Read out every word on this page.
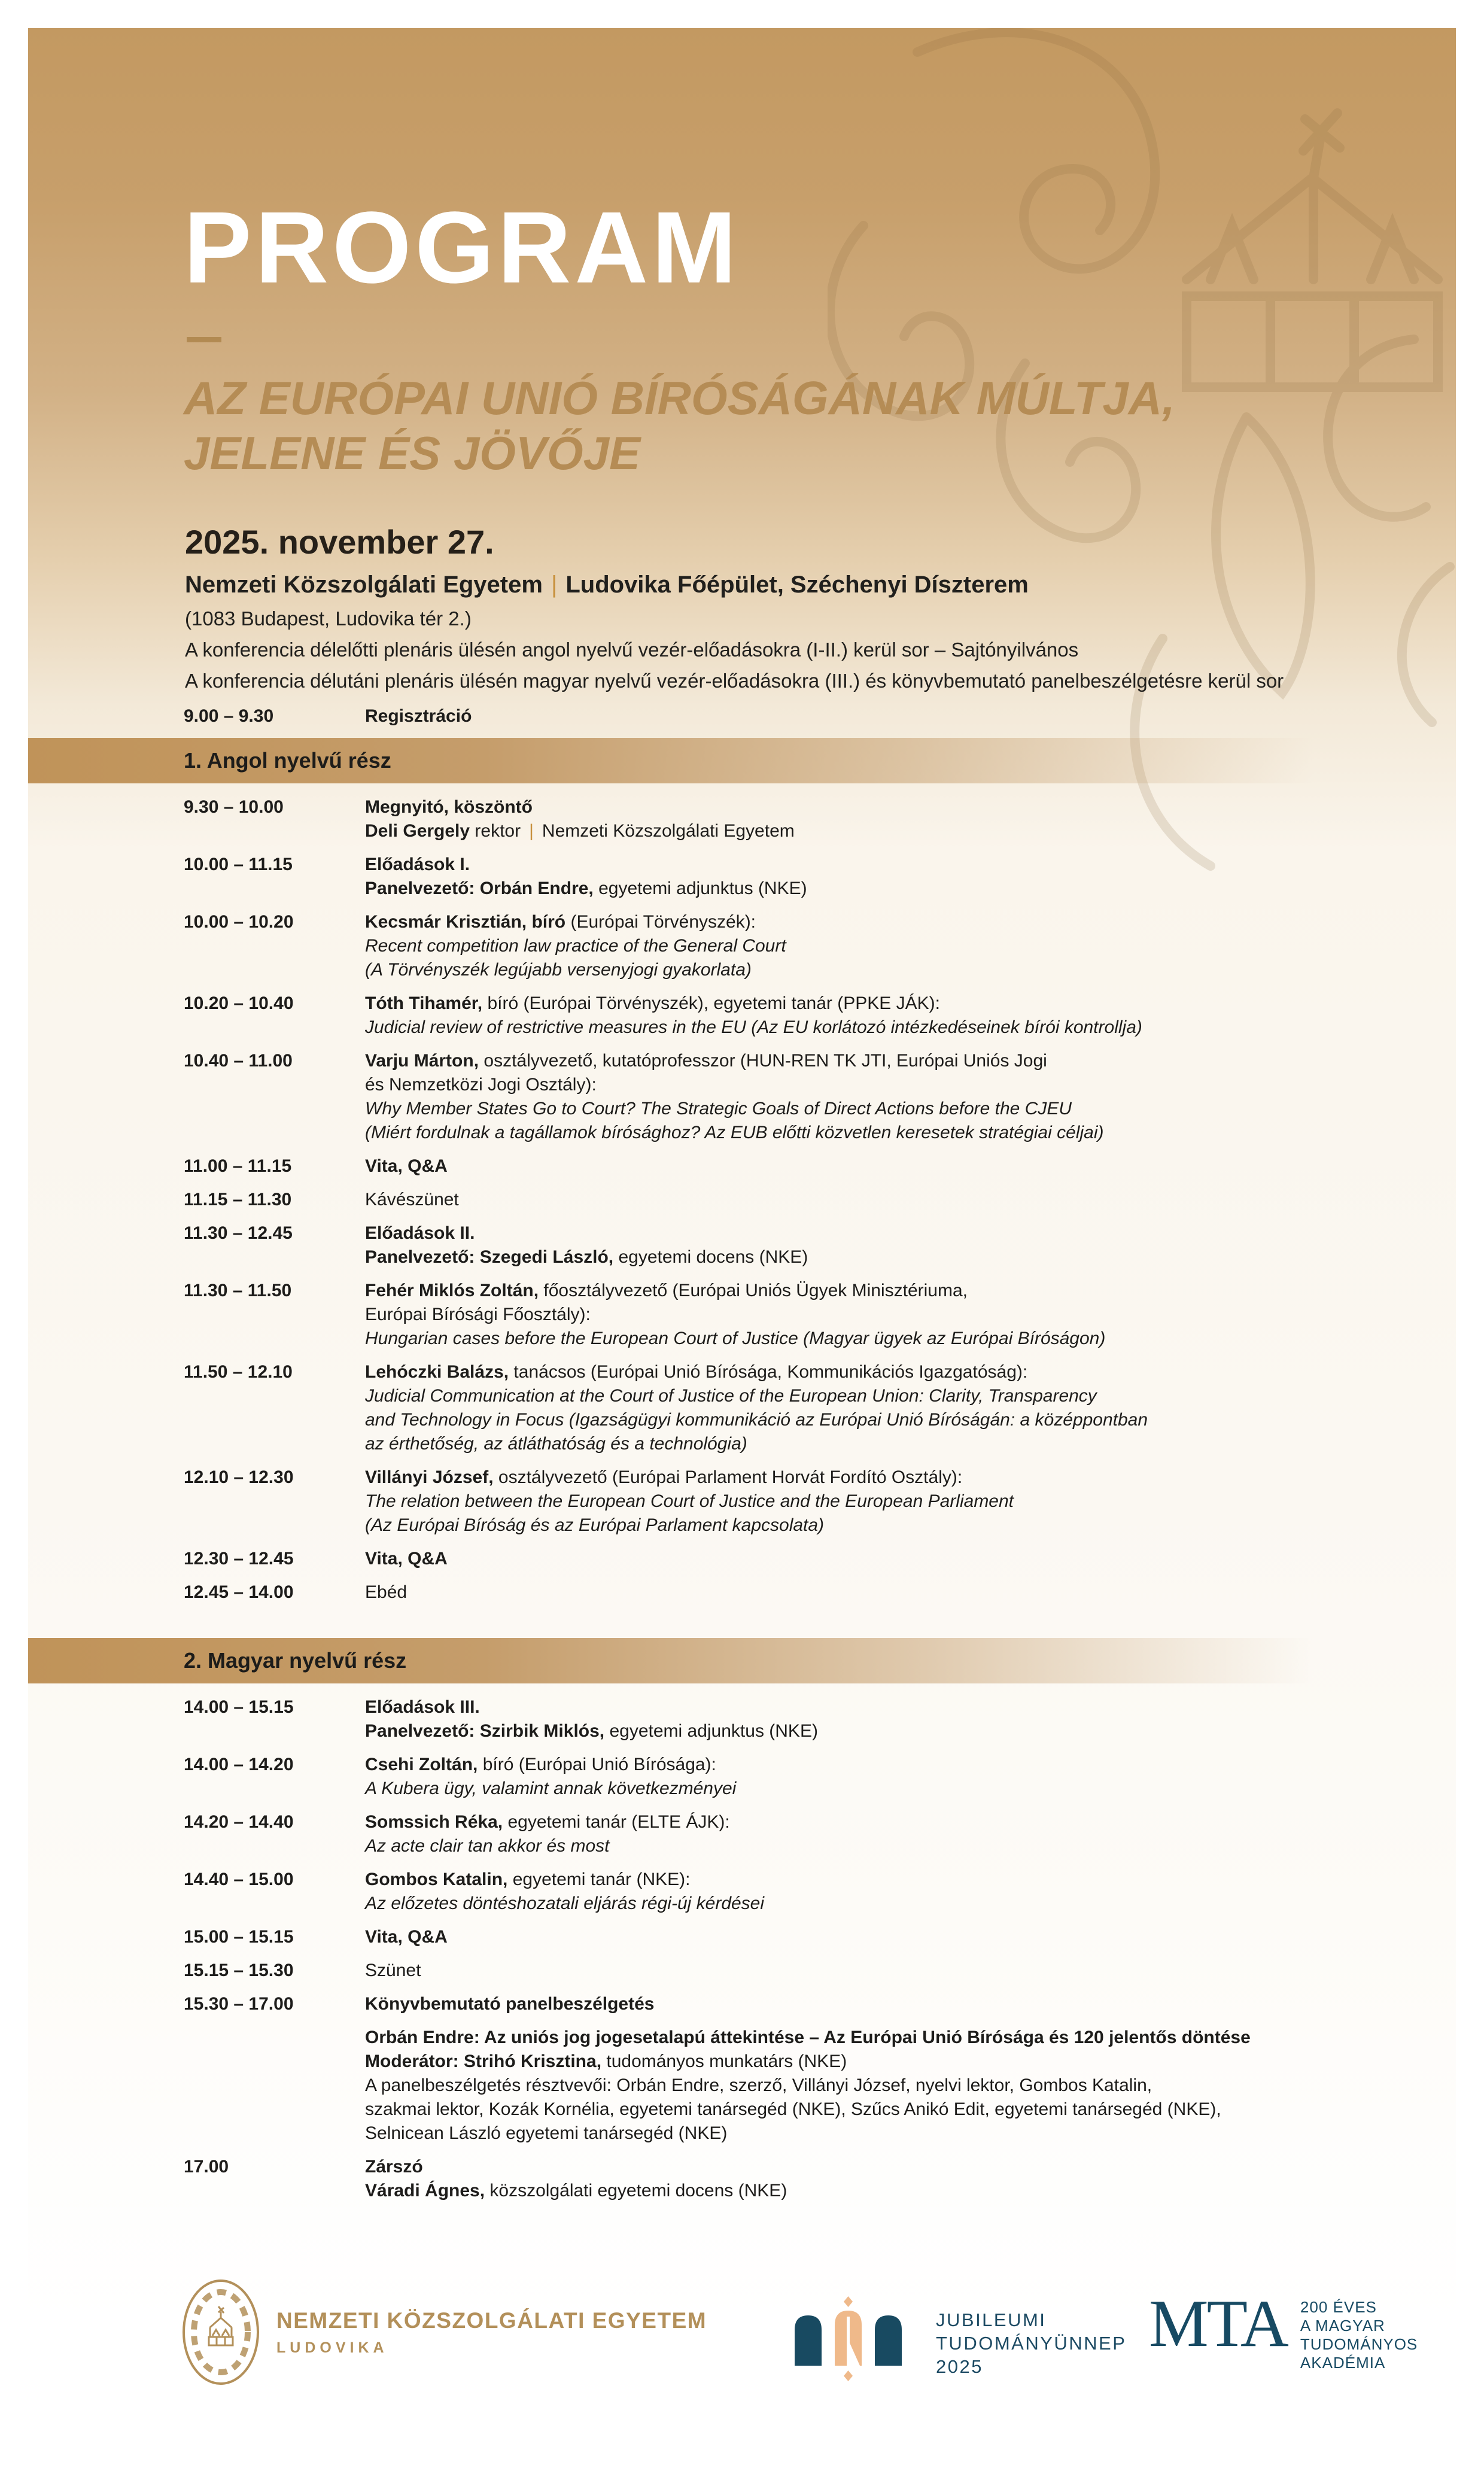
PROGRAM
AZ EURÓPAI UNIÓ BÍRÓSÁGÁNAK MÚLTJA,
JELENE ÉS JÖVŐJE
2025. november 27.
Nemzeti Közszolgálati Egyetem | Ludovika Főépület, Széchenyi Díszterem
(1083 Budapest, Ludovika tér 2.)
A konferencia délelőtti plenáris ülésén angol nyelvű vezér-előadásokra (I-II.) kerül sor – Sajtónyilvános
A konferencia délutáni plenáris ülésén magyar nyelvű vezér-előadásokra (III.) és könyvbemutató panelbeszélgetésre kerül sor
9.00 – 9.30	Regisztráció
1. Angol nyelvű rész
9.30 – 10.00	Megnyitó, köszöntő
Deli Gergely rektor | Nemzeti Közszolgálati Egyetem
10.00 – 11.15	Előadások I.
Panelvezető: Orbán Endre, egyetemi adjunktus (NKE)
10.00 – 10.20	Kecsmár Krisztián, bíró (Európai Törvényszék):
Recent competition law practice of the General Court
(A Törvényszék legújabb versenyjogi gyakorlata)
10.20 – 10.40	Tóth Tihamér, bíró (Európai Törvényszék), egyetemi tanár (PPKE JÁK):
Judicial review of restrictive measures in the EU (Az EU korlátozó intézkedéseinek bírói kontrollja)
10.40 – 11.00	Varju Márton, osztályvezető, kutatóprofesszor (HUN-REN TK JTI, Európai Uniós Jogi
és Nemzetközi Jogi Osztály):
Why Member States Go to Court? The Strategic Goals of Direct Actions before the CJEU
(Miért fordulnak a tagállamok bírósághoz? Az EUB előtti közvetlen keresetek stratégiai céljai)
11.00 – 11.15	Vita, Q&A
11.15 – 11.30	Kávészünet
11.30 – 12.45	Előadások II.
Panelvezető: Szegedi László, egyetemi docens (NKE)
11.30 – 11.50	Fehér Miklós Zoltán, főosztályvezető (Európai Uniós Ügyek Minisztériuma,
Európai Bírósági Főosztály):
Hungarian cases before the European Court of Justice (Magyar ügyek az Európai Bíróságon)
11.50 – 12.10	Lehóczki Balázs, tanácsos (Európai Unió Bírósága, Kommunikációs Igazgatóság):
Judicial Communication at the Court of Justice of the European Union: Clarity, Transparency
and Technology in Focus (Igazságügyi kommunikáció az Európai Unió Bíróságán: a középpontban
az érthetőség, az átláthatóság és a technológia)
12.10 – 12.30	Villányi József, osztályvezető (Európai Parlament Horvát Fordító Osztály):
The relation between the European Court of Justice and the European Parliament
(Az Európai Bíróság és az Európai Parlament kapcsolata)
12.30 – 12.45	Vita, Q&A
12.45 – 14.00	Ebéd
2. Magyar nyelvű rész
14.00 – 15.15	Előadások III.
Panelvezető: Szirbik Miklós, egyetemi adjunktus (NKE)
14.00 – 14.20	Csehi Zoltán, bíró (Európai Unió Bírósága):
A Kubera ügy, valamint annak következményei
14.20 – 14.40	Somssich Réka, egyetemi tanár (ELTE ÁJK):
Az acte clair tan akkor és most
14.40 – 15.00	Gombos Katalin, egyetemi tanár (NKE):
Az előzetes döntéshozatali eljárás régi-új kérdései
15.00 – 15.15	Vita, Q&A
15.15 – 15.30	Szünet
15.30 – 17.00	Könyvbemutató panelbeszélgetés
Orbán Endre: Az uniós jog jogesetalapú áttekintése – Az Európai Unió Bírósága és 120 jelentős döntése
Moderátor: Strihó Krisztina, tudományos munkatárs (NKE)
A panelbeszélgetés résztvevői: Orbán Endre, szerző, Villányi József, nyelvi lektor, Gombos Katalin,
szakmai lektor, Kozák Kornélia, egyetemi tanársegéd (NKE), Szűcs Anikó Edit, egyetemi tanársegéd (NKE),
Selnicean László egyetemi tanársegéd (NKE)
17.00	Zárszó
Váradi Ágnes, közszolgálati egyetemi docens (NKE)
NEMZETI KÖZSZOLGÁLATI EGYETEM
LUDOVIKA
JUBILEUMI
TUDOMÁNYÜNNEP
2025
MTA 200 ÉVES
A MAGYAR
TUDOMÁNYOS
AKADÉMIA
